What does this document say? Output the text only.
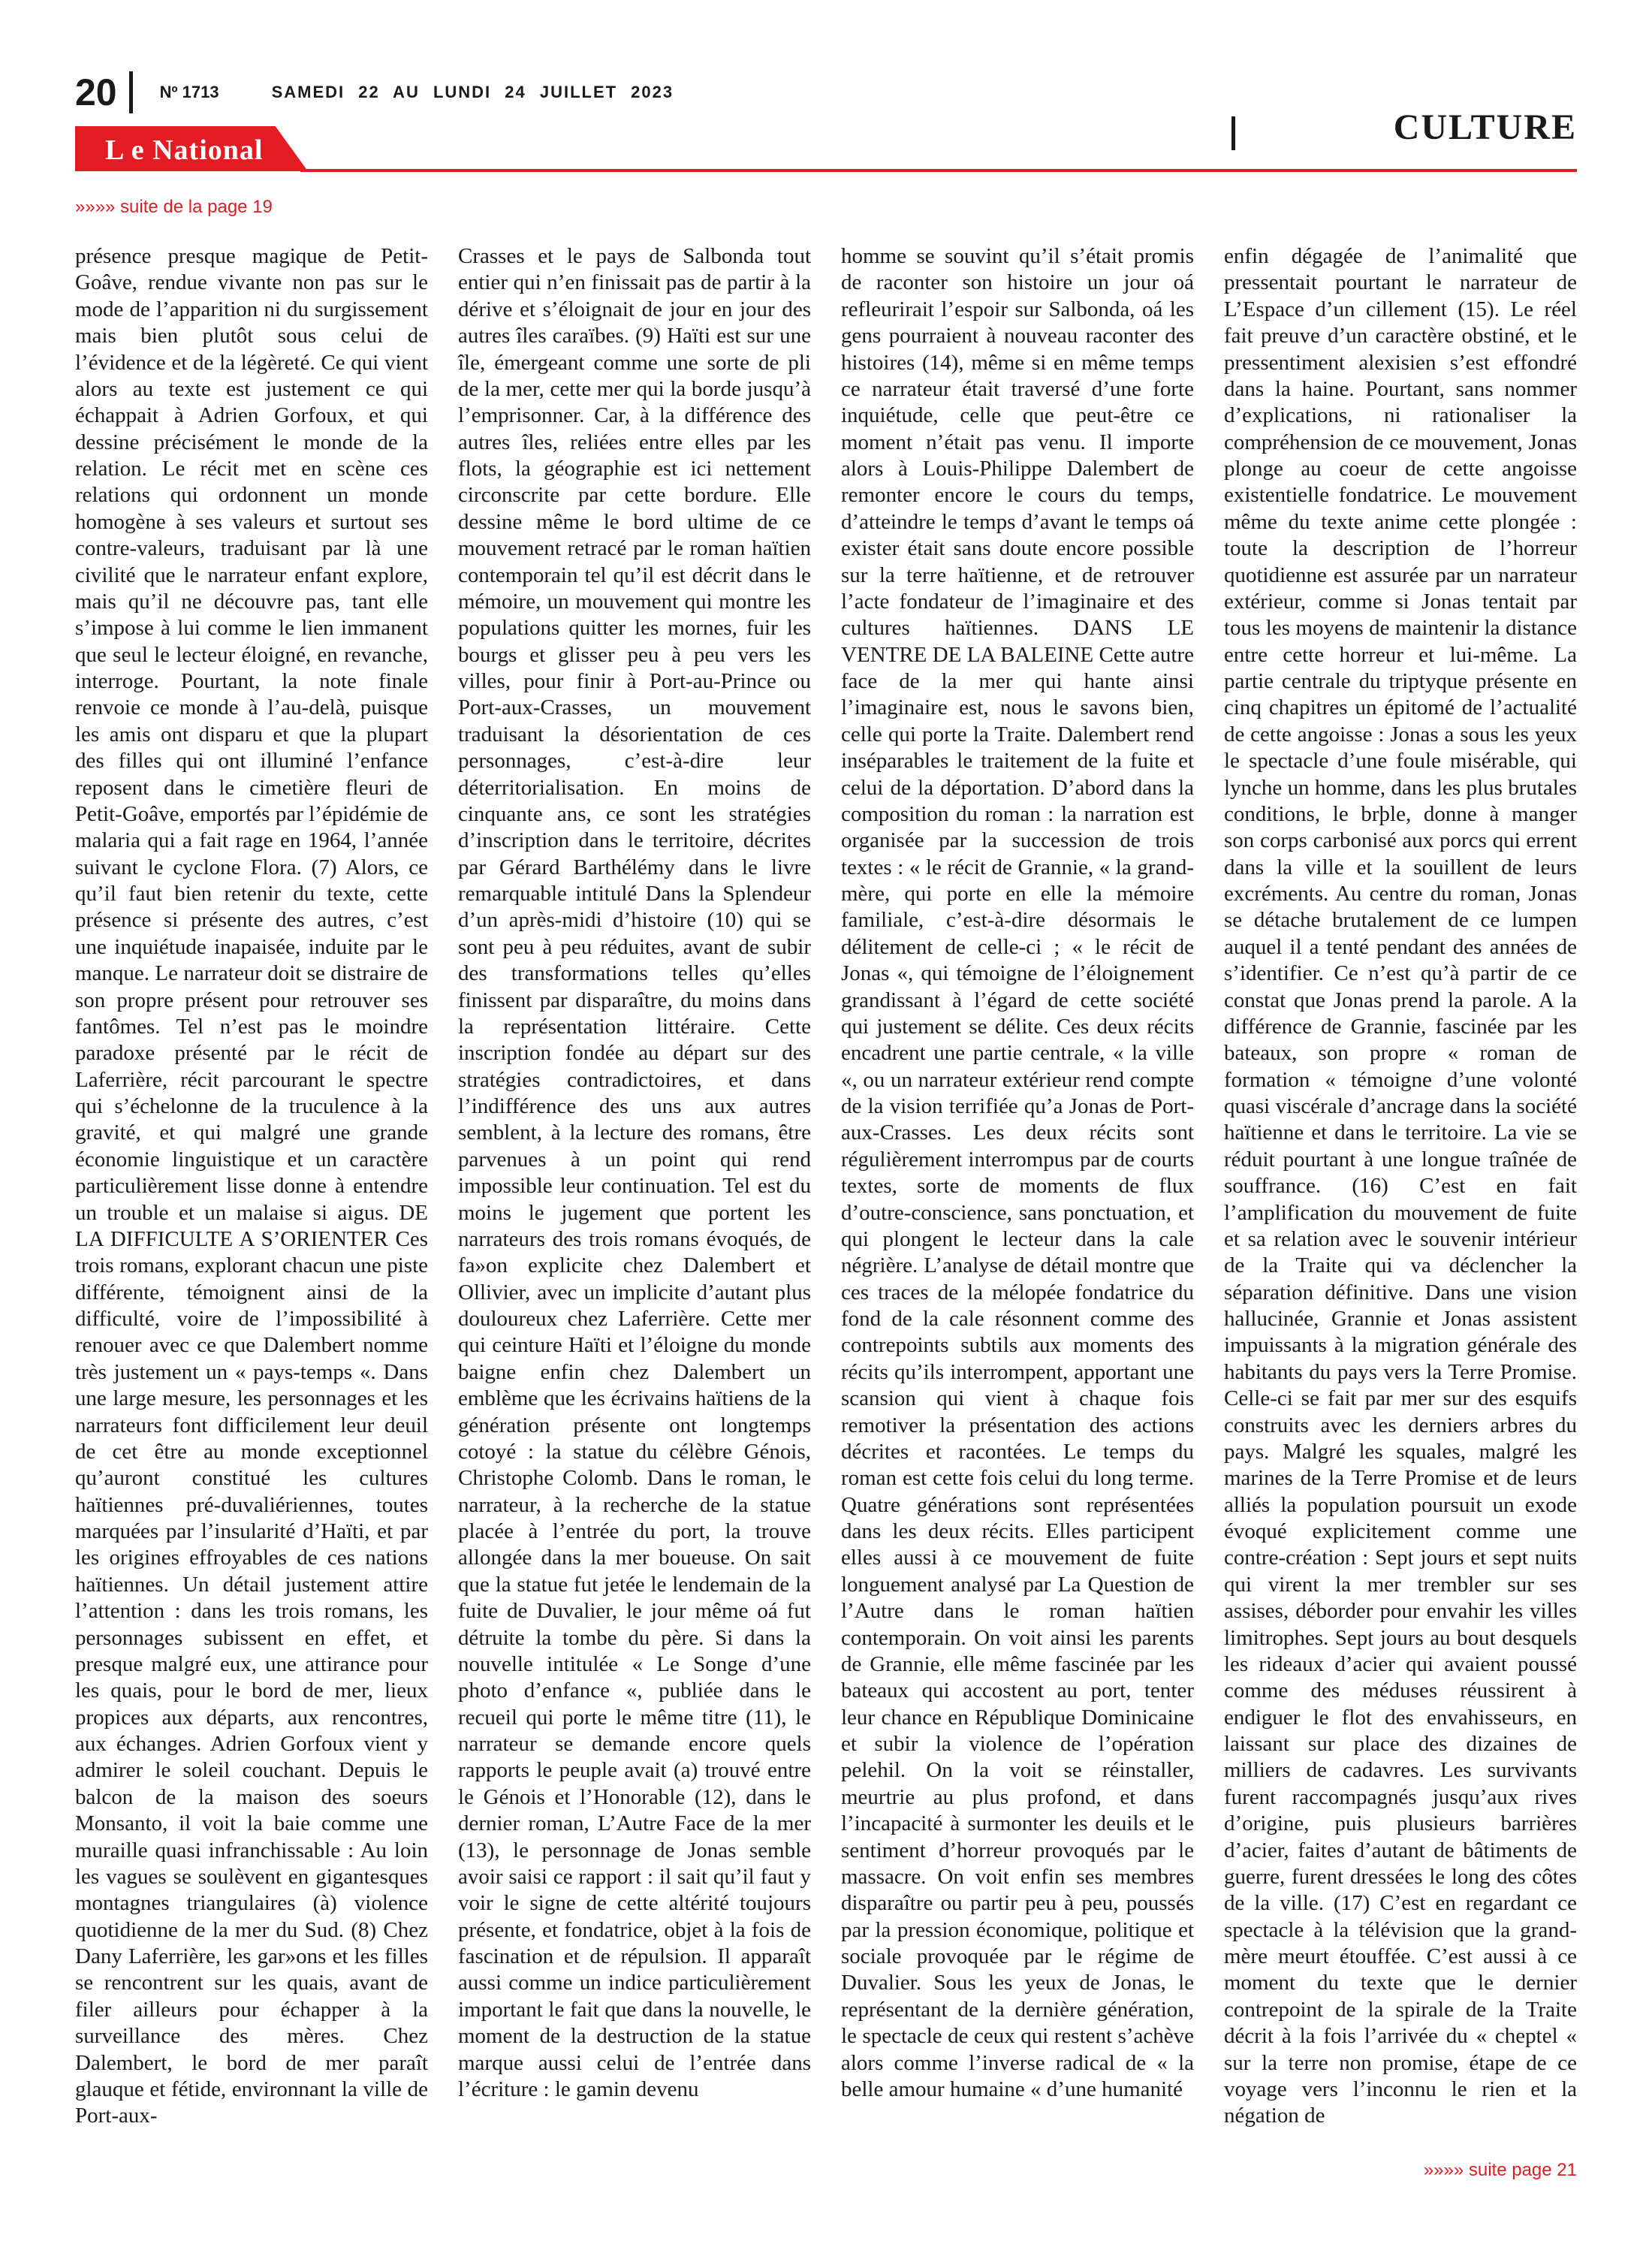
20	Nº 1713	SAMEDI 22 AU LUNDI 24 JUILLET 2023
L e National
CULTURE
»»»» suite de la page 19

présence presque magique de Petit-Goâve, rendue vivante non pas sur le mode de l’apparition ni du surgissement mais bien plutôt sous celui de l’évidence et de la légèreté. Ce qui vient alors au texte est justement ce qui échappait à Adrien Gorfoux, et qui dessine précisément le monde de la relation. Le récit met en scène ces relations qui ordonnent un monde homogène à ses valeurs et surtout ses contre-valeurs, traduisant par là une civilité que le narrateur enfant explore, mais qu’il ne découvre pas, tant elle s’impose à lui comme le lien immanent que seul le lecteur éloigné, en revanche, interroge. Pourtant, la note finale renvoie ce monde à l’au-delà, puisque les amis ont disparu et que la plupart des filles qui ont illuminé l’enfance reposent dans le cimetière fleuri de Petit-Goâve, emportés par l’épidémie de malaria qui a fait rage en 1964, l’année suivant le cyclone Flora. (7) Alors, ce qu’il faut bien retenir du texte, cette présence si présente des autres, c’est une inquiétude inapaisée, induite par le manque. Le narrateur doit se distraire de son propre présent pour retrouver ses fantômes. Tel n’est pas le moindre paradoxe présenté par le récit de Laferrière, récit parcourant le spectre qui s’échelonne de la truculence à la gravité, et qui malgré une grande économie linguistique et un caractère particulièrement lisse donne à entendre un trouble et un malaise si aigus. DE LA DIFFICULTE A S’ORIENTER Ces trois romans, explorant chacun une piste différente, témoignent ainsi de la difficulté, voire de l’impossibilité à renouer avec ce que Dalembert nomme très justement un « pays-temps «. Dans une large mesure, les personnages et les narrateurs font difficilement leur deuil de cet être au monde exceptionnel qu’auront constitué les cultures haïtiennes pré-duvaliériennes, toutes marquées par l’insularité d’Haïti, et par les origines effroyables de ces nations haïtiennes. Un détail justement attire l’attention : dans les trois romans, les personnages subissent en effet, et presque malgré eux, une attirance pour les quais, pour le bord de mer, lieux propices aux départs, aux rencontres, aux échanges. Adrien Gorfoux vient y admirer le soleil couchant. Depuis le balcon de la maison des soeurs Monsanto, il voit la baie comme une muraille quasi infranchissable : Au loin les vagues se soulèvent en gigantesques montagnes triangulaires (à) violence quotidienne de la mer du Sud. (8) Chez Dany Laferrière, les gar»ons et les filles se rencontrent sur les quais, avant de filer ailleurs pour échapper à la surveillance des mères. Chez Dalembert, le bord de mer paraît glauque et fétide, environnant la ville de Port-aux-

Crasses et le pays de Salbonda tout entier qui n’en finissait pas de partir à la dérive et s’éloignait de jour en jour des autres îles caraïbes. (9) Haïti est sur une île, émergeant comme une sorte de pli de la mer, cette mer qui la borde jusqu’à l’emprisonner. Car, à la différence des autres îles, reliées entre elles par les flots, la géographie est ici nettement circonscrite par cette bordure. Elle dessine même le bord ultime de ce mouvement retracé par le roman haïtien contemporain tel qu’il est décrit dans le mémoire, un mouvement qui montre les populations quitter les mornes, fuir les bourgs et glisser peu à peu vers les villes, pour finir à Port-au-Prince ou Port-aux-Crasses, un mouvement traduisant la désorientation de ces personnages, c’est-à-dire leur déterritorialisation. En moins de cinquante ans, ce sont les stratégies d’inscription dans le territoire, décrites par Gérard Barthélémy dans le livre remarquable intitulé Dans la Splendeur d’un après-midi d’histoire (10) qui se sont peu à peu réduites, avant de subir des transformations telles qu’elles finissent par disparaître, du moins dans la représentation littéraire. Cette inscription fondée au départ sur des stratégies contradictoires, et dans l’indifférence des uns aux autres semblent, à la lecture des romans, être parvenues à un point qui rend impossible leur continuation. Tel est du moins le jugement que portent les narrateurs des trois romans évoqués, de fa»on explicite chez Dalembert et Ollivier, avec un implicite d’autant plus douloureux chez Laferrière. Cette mer qui ceinture Haïti et l’éloigne du monde baigne enfin chez Dalembert un emblème que les écrivains haïtiens de la génération présente ont longtemps cotoyé : la statue du célèbre Génois, Christophe Colomb. Dans le roman, le narrateur, à la recherche de la statue placée à l’entrée du port, la trouve allongée dans la mer boueuse. On sait que la statue fut jetée le lendemain de la fuite de Duvalier, le jour même oá fut détruite la tombe du père. Si dans la nouvelle intitulée « Le Songe d’une photo d’enfance «, publiée dans le recueil qui porte le même titre (11), le narrateur se demande encore quels rapports le peuple avait (a) trouvé entre le Génois et l’Honorable (12), dans le dernier roman, L’Autre Face de la mer (13), le personnage de Jonas semble avoir saisi ce rapport : il sait qu’il faut y voir le signe de cette altérité toujours présente, et fondatrice, objet à la fois de fascination et de répulsion. Il apparaît aussi comme un indice particulièrement important le fait que dans la nouvelle, le moment de la destruction de la statue marque aussi celui de l’entrée dans l’écriture : le gamin devenu

homme se souvint qu’il s’était promis de raconter son histoire un jour oá refleurirait l’espoir sur Salbonda, oá les gens pourraient à nouveau raconter des histoires (14), même si en même temps ce narrateur était traversé d’une forte inquiétude, celle que peut-être ce moment n’était pas venu. Il importe alors à Louis-Philippe Dalembert de remonter encore le cours du temps, d’atteindre le temps d’avant le temps oá exister était sans doute encore possible sur la terre haïtienne, et de retrouver l’acte fondateur de l’imaginaire et des cultures haïtiennes. DANS LE VENTRE DE LA BALEINE Cette autre face de la mer qui hante ainsi l’imaginaire est, nous le savons bien, celle qui porte la Traite. Dalembert rend inséparables le traitement de la fuite et celui de la déportation. D’abord dans la composition du roman : la narration est organisée par la succession de trois textes : « le récit de Grannie, « la grand-mère, qui porte en elle la mémoire familiale, c’est-à-dire désormais le délitement de celle-ci ; « le récit de Jonas «, qui témoigne de l’éloignement grandissant à l’égard de cette société qui justement se délite. Ces deux récits encadrent une partie centrale, « la ville «, ou un narrateur extérieur rend compte de la vision terrifiée qu’a Jonas de Port-aux-Crasses. Les deux récits sont régulièrement interrompus par de courts textes, sorte de moments de flux d’outre-conscience, sans ponctuation, et qui plongent le lecteur dans la cale négrière. L’analyse de détail montre que ces traces de la mélopée fondatrice du fond de la cale résonnent comme des contrepoints subtils aux moments des récits qu’ils interrompent, apportant une scansion qui vient à chaque fois remotiver la présentation des actions décrites et racontées. Le temps du roman est cette fois celui du long terme. Quatre générations sont représentées dans les deux récits. Elles participent elles aussi à ce mouvement de fuite longuement analysé par La Question de l’Autre dans le roman haïtien contemporain. On voit ainsi les parents de Grannie, elle même fascinée par les bateaux qui accostent au port, tenter leur chance en République Dominicaine et subir la violence de l’opération pelehil. On la voit se réinstaller, meurtrie au plus profond, et dans l’incapacité à surmonter les deuils et le sentiment d’horreur provoqués par le massacre. On voit enfin ses membres disparaître ou partir peu à peu, poussés par la pression économique, politique et sociale provoquée par le régime de Duvalier. Sous les yeux de Jonas, le représentant de la dernière génération, le spectacle de ceux qui restent s’achève alors comme l’inverse radical de « la belle amour humaine « d’une humanité

enfin dégagée de l’animalité que pressentait pourtant le narrateur de L’Espace d’un cillement (15). Le réel fait preuve d’un caractère obstiné, et le pressentiment alexisien s’est effondré dans la haine. Pourtant, sans nommer d’explications, ni rationaliser la compréhension de ce mouvement, Jonas plonge au coeur de cette angoisse existentielle fondatrice. Le mouvement même du texte anime cette plongée : toute la description de l’horreur quotidienne est assurée par un narrateur extérieur, comme si Jonas tentait par tous les moyens de maintenir la distance entre cette horreur et lui-même. La partie centrale du triptyque présente en cinq chapitres un épitomé de l’actualité de cette angoisse : Jonas a sous les yeux le spectacle d’une foule misérable, qui lynche un homme, dans les plus brutales conditions, le brþle, donne à manger son corps carbonisé aux porcs qui errent dans la ville et la souillent de leurs excréments. Au centre du roman, Jonas se détache brutalement de ce lumpen auquel il a tenté pendant des années de s’identifier. Ce n’est qu’à partir de ce constat que Jonas prend la parole. A la différence de Grannie, fascinée par les bateaux, son propre « roman de formation « témoigne d’une volonté quasi viscérale d’ancrage dans la société haïtienne et dans le territoire. La vie se réduit pourtant à une longue traînée de souffrance. (16) C’est en fait l’amplification du mouvement de fuite et sa relation avec le souvenir intérieur de la Traite qui va déclencher la séparation définitive. Dans une vision hallucinée, Grannie et Jonas assistent impuissants à la migration générale des habitants du pays vers la Terre Promise. Celle-ci se fait par mer sur des esquifs construits avec les derniers arbres du pays. Malgré les squales, malgré les marines de la Terre Promise et de leurs alliés la population poursuit un exode évoqué explicitement comme une contre-création : Sept jours et sept nuits qui virent la mer trembler sur ses assises, déborder pour envahir les villes limitrophes. Sept jours au bout desquels les rideaux d’acier qui avaient poussé comme des méduses réussirent à endiguer le flot des envahisseurs, en laissant sur place des dizaines de milliers de cadavres. Les survivants furent raccompagnés jusqu’aux rives d’origine, puis plusieurs barrières d’acier, faites d’autant de bâtiments de guerre, furent dressées le long des côtes de la ville. (17) C’est en regardant ce spectacle à la télévision que la grand-mère meurt étouffée. C’est aussi à ce moment du texte que le dernier contrepoint de la spirale de la Traite décrit à la fois l’arrivée du « cheptel « sur la terre non promise, étape de ce voyage vers l’inconnu le rien et la négation de

»»»» suite page 21
